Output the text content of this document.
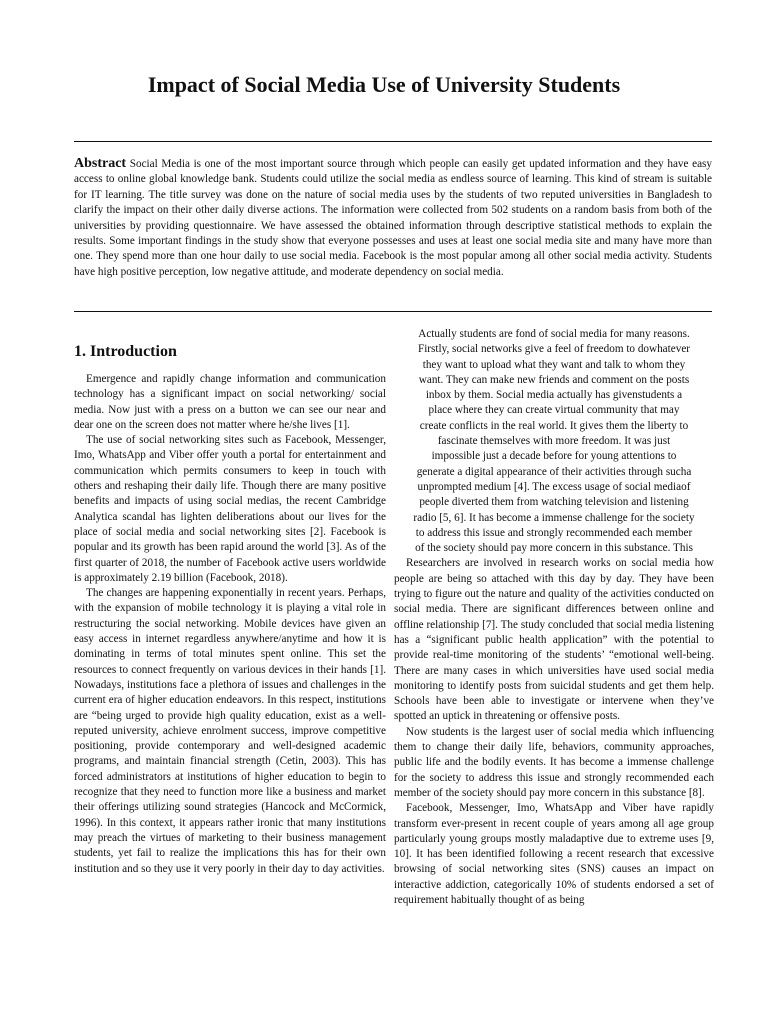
Impact of Social Media Use of University Students

Abstract Social Media is one of the most important source through which people can easily get updated information and they have easy access to online global knowledge bank. Students could utilize the social media as endless source of learning. This kind of stream is suitable for IT learning. The title survey was done on the nature of social media uses by the students of two reputed universities in Bangladesh to clarify the impact on their other daily diverse actions. The information were collected from 502 students on a random basis from both of the universities by providing questionnaire. We have assessed the obtained information through descriptive statistical methods to explain the results. Some important findings in the study show that everyone possesses and uses at least one social media site and many have more than one. They spend more than one hour daily to use social media. Facebook is the most popular among all other social media activity. Students have high positive perception, low negative attitude, and moderate dependency on social media.

1. Introduction

Emergence and rapidly change information and communication technology has a significant impact on social networking/ social media. Now just with a press on a button we can see our near and dear one on the screen does not matter where he/she lives [1].

The use of social networking sites such as Facebook, Messenger, Imo, WhatsApp and Viber offer youth a portal for entertainment and communication which permits consumers to keep in touch with others and reshaping their daily life. Though there are many positive benefits and impacts of using social medias, the recent Cambridge Analytica scandal has lighten deliberations about our lives for the place of social media and social networking sites [2]. Facebook is popular and its growth has been rapid around the world [3]. As of the first quarter of 2018, the number of Facebook active users worldwide is approximately 2.19 billion (Facebook, 2018).

The changes are happening exponentially in recent years. Perhaps, with the expansion of mobile technology it is playing a vital role in restructuring the social networking. Mobile devices have given an easy access in internet regardless anywhere/anytime and how it is dominating in terms of total minutes spent online. This set the resources to connect frequently on various devices in their hands [1]. Nowadays, institutions face a plethora of issues and challenges in the current era of higher education endeavors. In this respect, institutions are “being urged to provide high quality education, exist as a well-reputed university, achieve enrolment success, improve competitive positioning, provide contemporary and well-designed academic programs, and maintain financial strength (Cetin, 2003). This has forced administrators at institutions of higher education to begin to recognize that they need to function more like a business and market their offerings utilizing sound strategies (Hancock and McCormick, 1996). In this context, it appears rather ironic that many institutions may preach the virtues of marketing to their business management students, yet fail to realize the implications this has for their own institution and so they use it very poorly in their day to day activities.

Actually students are fond of social media for many reasons.

Firstly, social networks give a feel of freedom to dowhatever

they want to upload what they want and talk to whom they

want. They can make new friends and comment on the posts

inbox by them. Social media actually has givenstudents a

place where they can create virtual community that may

create conflicts in the real world. It gives them the liberty to

fascinate themselves with more freedom. It was just

impossible just a decade before for young attentions to

generate a digital appearance of their activities through sucha

unprompted medium [4]. The excess usage of social mediaof

people diverted them from watching television and listening

radio [5, 6]. It has become a immense challenge for the society

to address this issue and strongly recommended each member

of the society should pay more concern in this substance. This

Researchers are involved in research works on social media how people are being so attached with this day by day. They have been trying to figure out the nature and quality of the activities conducted on social media. There are significant differences between online and offline relationship [7]. The study concluded that social media listening has a “significant public health application” with the potential to provide real-time monitoring of the students’ “emotional well-being. There are many cases in which universities have used social media monitoring to identify posts from suicidal students and get them help. Schools have been able to investigate or intervene when they’ve spotted an uptick in threatening or offensive posts.

Now students is the largest user of social media which influencing them to change their daily life, behaviors, community approaches, public life and the bodily events. It has become a immense challenge for the society to address this issue and strongly recommended each member of the society should pay more concern in this substance [8].

Facebook, Messenger, Imo, WhatsApp and Viber have rapidly transform ever-present in recent couple of years among all age group particularly young groups mostly maladaptive due to extreme uses [9, 10]. It has been identified following a recent research that excessive browsing of social networking sites (SNS) causes an impact on interactive addiction, categorically 10% of students endorsed a set of requirement habitually thought of as being
